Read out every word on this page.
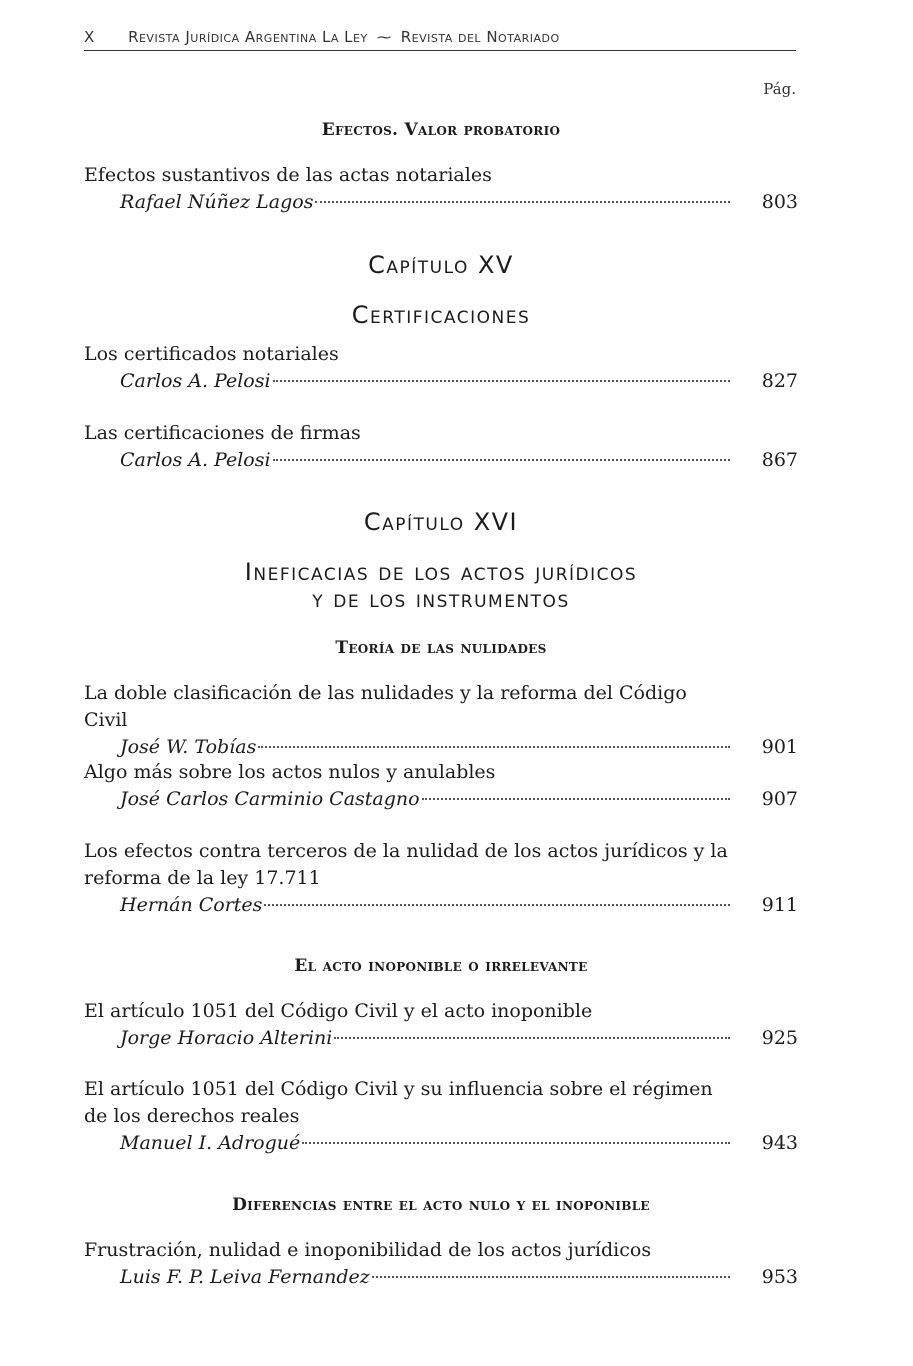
X Revista Jurídica Argentina La Ley ⁓ Revista del Notariado
Pág.
Efectos. Valor probatorio
Efectos sustantivos de las actas notariales
Rafael Núñez Lagos	803
Capítulo XV
Certificaciones
Los certificados notariales
Carlos A. Pelosi	827
Las certificaciones de firmas
Carlos A. Pelosi	867
Capítulo XVI
Ineficacias de los actos jurídicos
y de los instrumentos
Teoría de las nulidades
La doble clasificación de las nulidades y la reforma del Código Civil
José W. Tobías	901
Algo más sobre los actos nulos y anulables
José Carlos Carminio Castagno	907
Los efectos contra terceros de la nulidad de los actos jurídicos y la reforma de la ley 17.711
Hernán Cortes	911
El acto inoponible o irrelevante
El artículo 1051 del Código Civil y el acto inoponible
Jorge Horacio Alterini	925
El artículo 1051 del Código Civil y su influencia sobre el régimen de los derechos reales
Manuel I. Adrogué	943
Diferencias entre el acto nulo y el inoponible
Frustración, nulidad e inoponibilidad de los actos jurídicos
Luis F. P. Leiva Fernandez	953
